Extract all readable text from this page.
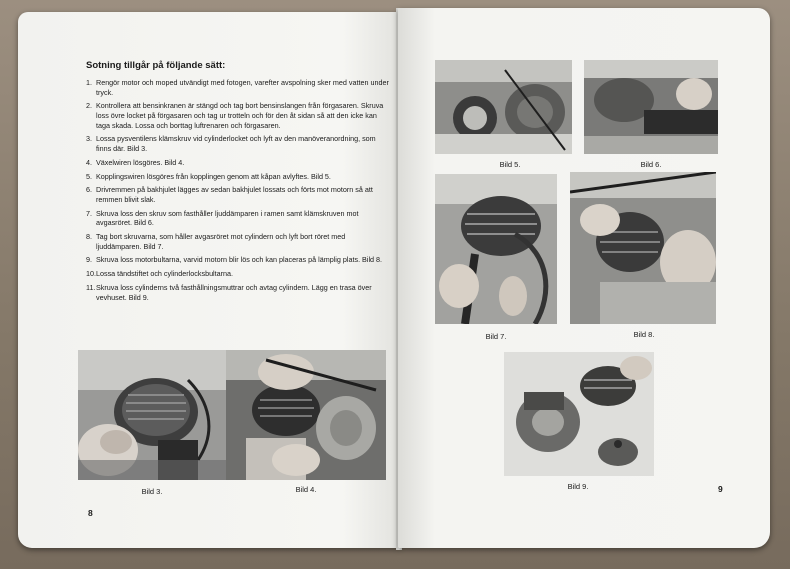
Sotning tillgår på följande sätt:

1. Rengör motor och moped utvändigt med fotogen, varefter avspolning sker med vatten under tryck.
2. Kontrollera att bensinkranen är stängd och tag bort bensinslangen från förgasaren. Skruva loss övre locket på förgasaren och tag ur trotteln och för den åt sidan så att den icke kan taga skada. Lossa och borttag luftrenaren och förgasaren.
3. Lossa pysventilens klämskruv vid cylinderlocket och lyft av den manöveranordning, som finns där. Bild 3.
4. Växelwiren lösgöres. Bild 4.
5. Kopplingswiren lösgöres från kopplingen genom att kåpan avlyftes. Bild 5.
6. Drivremmen på bakhjulet lägges av sedan bakhjulet lossats och förts mot motorn så att remmen blivit slak.
7. Skruva loss den skruv som fasthåller ljuddämparen i ramen samt klämskruven mot avgasröret. Bild 6.
8. Tag bort skruvarna, som håller avgasröret mot cylindern och lyft bort röret med ljuddämparen. Bild 7.
9. Skruva loss motorbultarna, varvid motorn blir lös och kan placeras på lämplig plats. Bild 8.
10. Lossa tändstiftet och cylinderlocksbultarna.
11. Skruva loss cylinderns två fasthållningsmuttrar och avtag cylindern. Lägg en trasa över vevhuset. Bild 9.
Bild 3.	Bild 4.
8
Bild 5.	Bild 6.
Bild 7.	Bild 8.
Bild 9.	9
